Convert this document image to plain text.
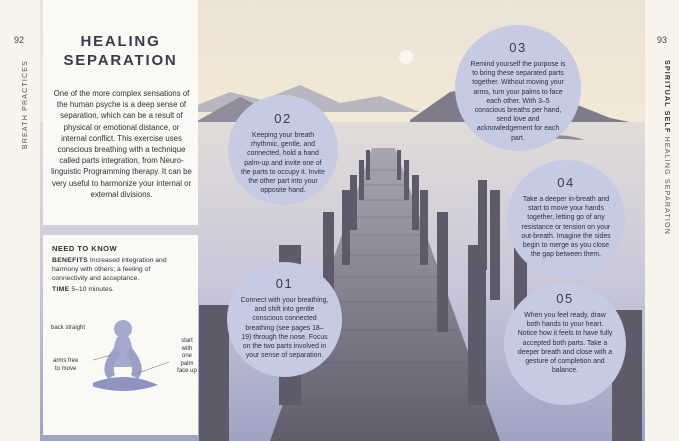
92	93
BREATH PRACTICES	SPIRITUAL SELF HEALING SEPARATION
HEALING
SEPARATION
One of the more complex sensations of the human psyche is a deep sense of separation, which can be a result of physical or emotional distance, or internal conflict. This exercise uses conscious breathing with a technique called parts integration, from Neuro-linguistic Programming therapy. It can be very useful to harmonize your internal or external divisions.
NEED TO KNOW
BENEFITS Increased integration and harmony with others; a feeling of connectivity and acceptance.
TIME 5–10 minutes.
back straight
arms free
to move
start with one
palm face up
03
Remind yourself the purpose is to bring these separated parts together. Without moving your arms, turn your palms to face each other. With 3–5 conscious breaths per hand, send love and acknowledgement for each part.
02
Keeping your breath rhythmic, gentle, and connected, hold a hand palm-up and invite one of the parts to occupy it. Invite the other part into your opposite hand.
01
Connect with your breathing, and shift into gentle conscious connected breathing (see pages 18–19) through the nose. Focus on the two parts involved in your sense of separation.
04
Take a deeper in-breath and start to move your hands together, letting go of any resistance or tension on your out-breath. Imagine the sides begin to merge as you close the gap between them.
05
When you feel ready, draw both hands to your heart. Notice how it feels to have fully accepted both parts. Take a deeper breath and close with a gesture of completion and balance.
